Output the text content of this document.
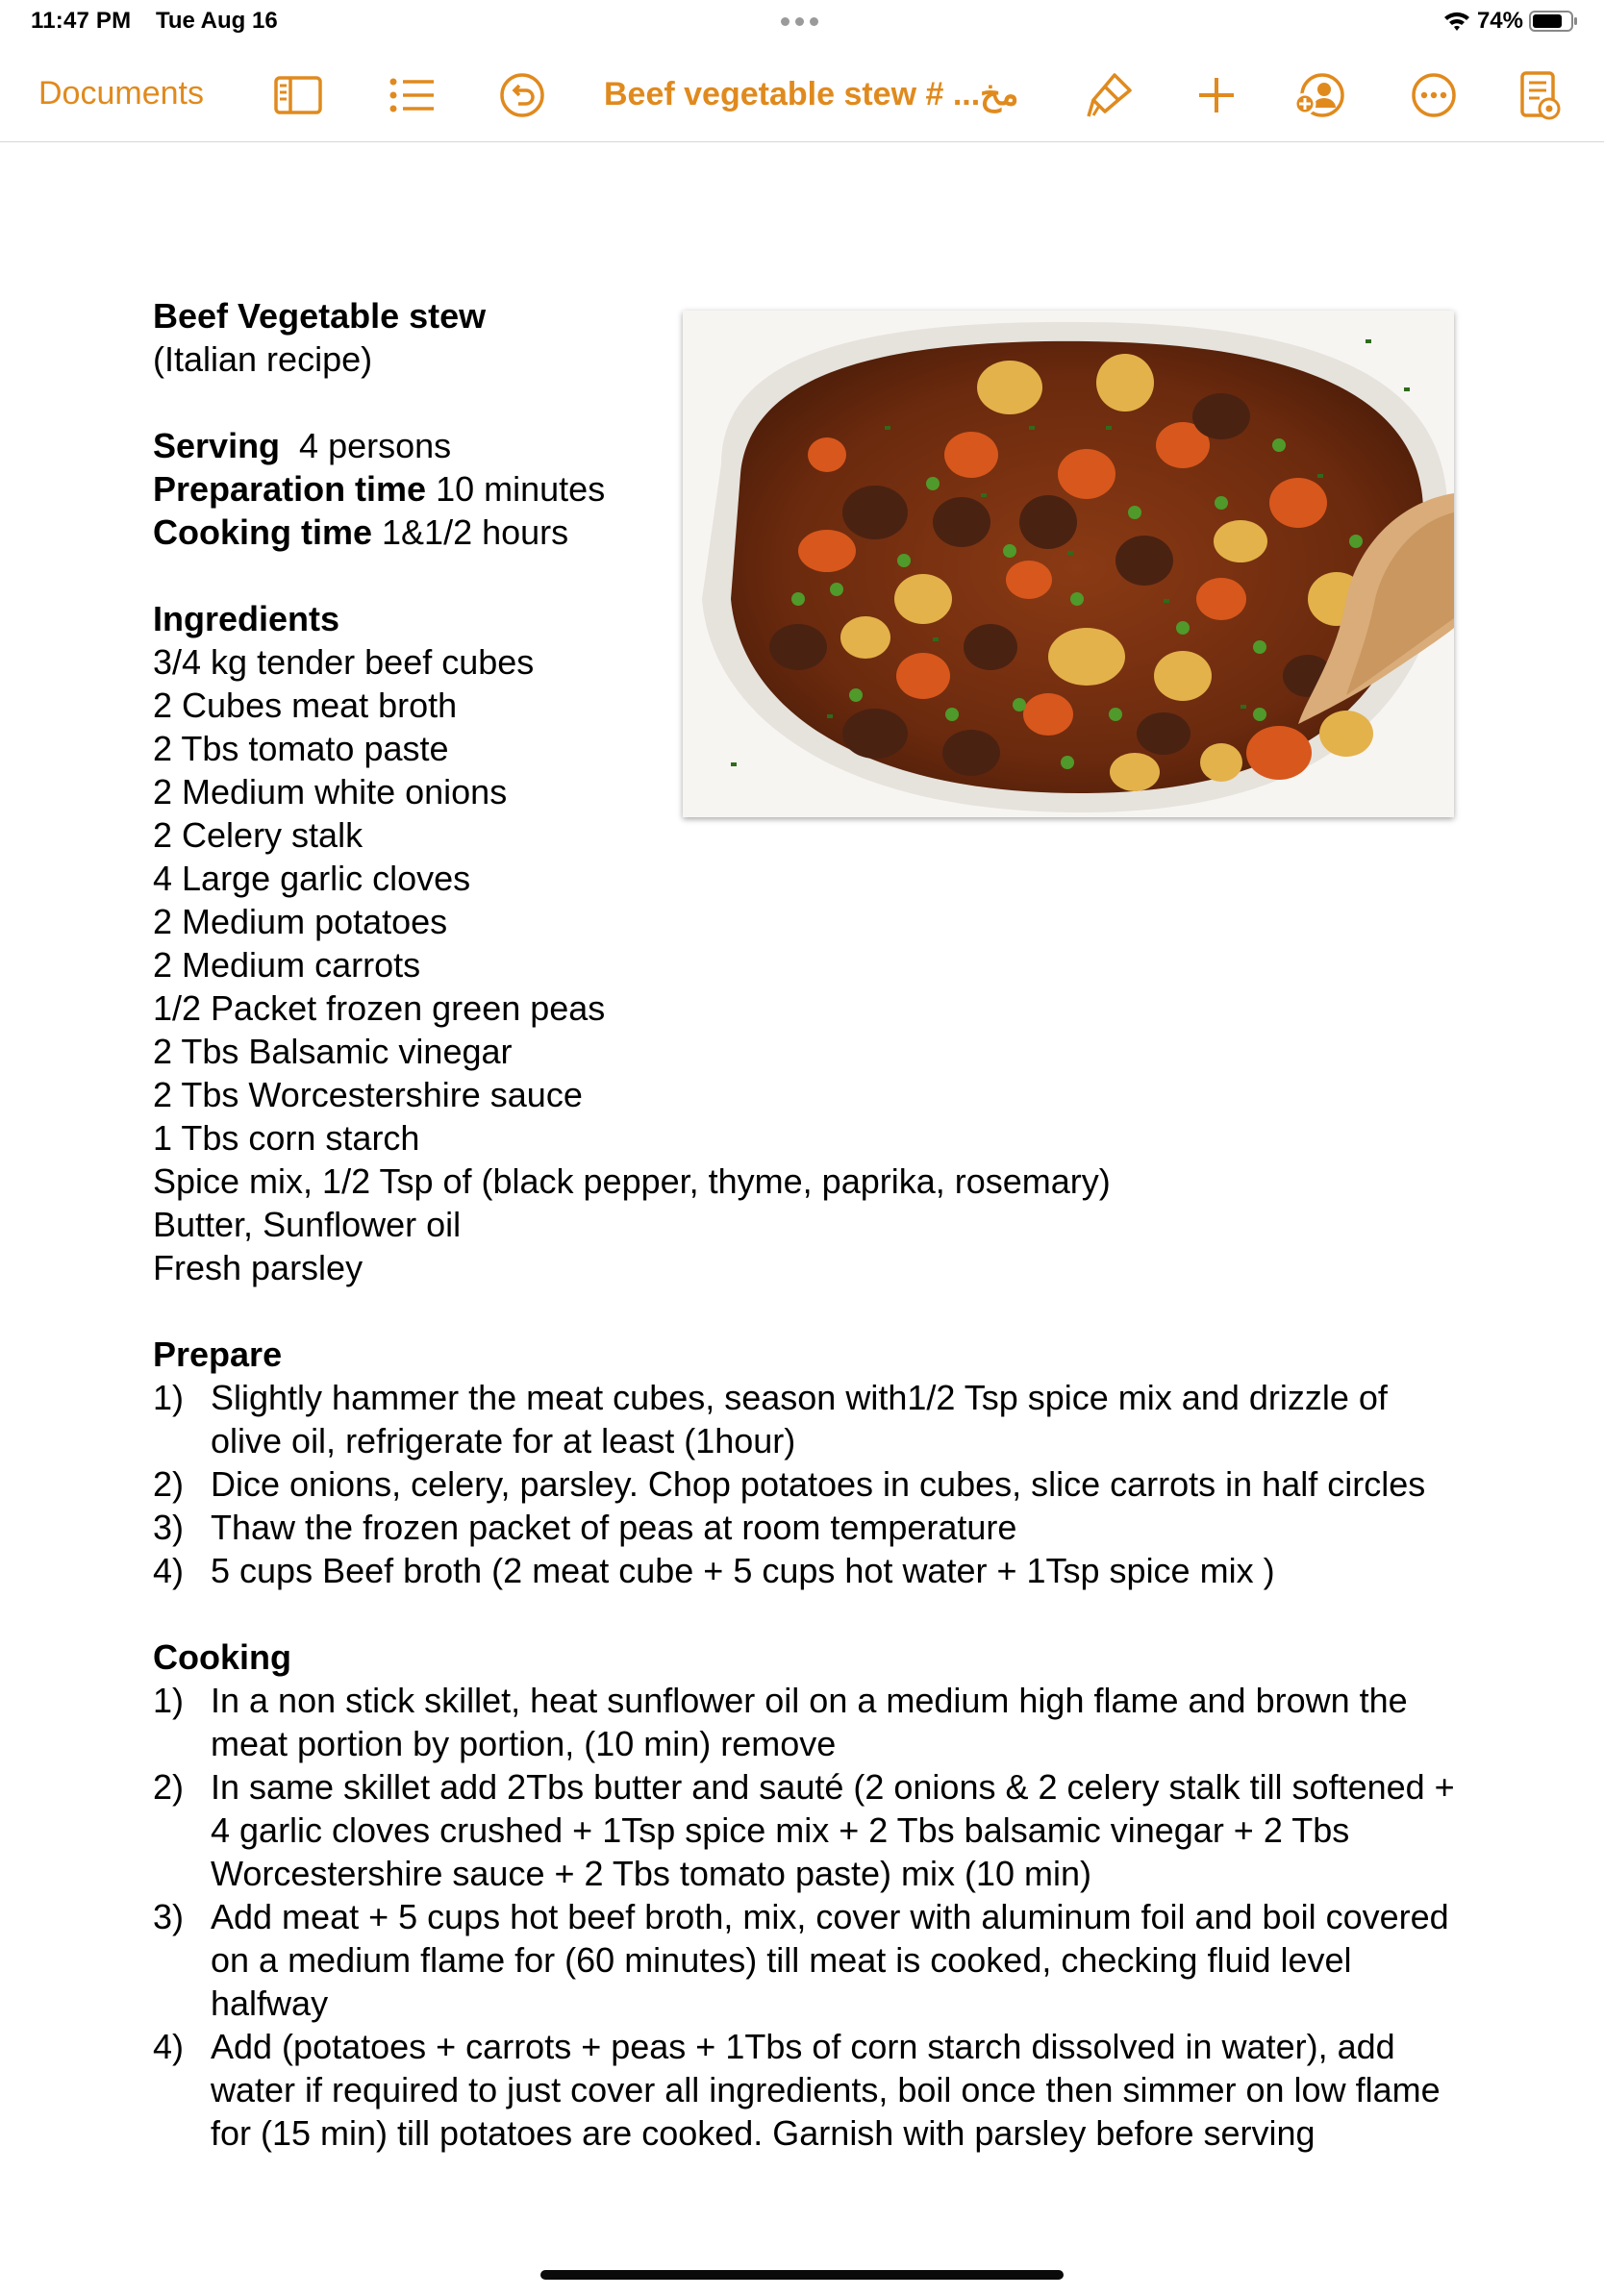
11:47 PM Tue Aug 16	74%
Documents	Beef vegetable stew # ...مخ

Beef Vegetable stew

(Italian recipe)

Serving  4 persons

Preparation time 10 minutes

Cooking time 1&1/2 hours

Ingredients

3/4 kg tender beef cubes

2 Cubes meat broth

2 Tbs tomato paste

2 Medium white onions

2 Celery stalk

4 Large garlic cloves

2 Medium potatoes

2 Medium carrots

1/2 Packet frozen green peas

2 Tbs Balsamic vinegar

2 Tbs Worcestershire sauce

1 Tbs corn starch

Spice mix, 1/2 Tsp of (black pepper, thyme, paprika, rosemary)

Butter, Sunflower oil

Fresh parsley

Prepare

1) Slightly hammer the meat cubes, season with1/2 Tsp spice mix and drizzle of olive oil, refrigerate for at least (1hour)
2) Dice onions, celery, parsley. Chop potatoes in cubes, slice carrots in half circles
3) Thaw the frozen packet of peas at room temperature
4) 5 cups Beef broth (2 meat cube + 5 cups hot water + 1Tsp spice mix )

Cooking

1) In a non stick skillet, heat sunflower oil on a medium high flame and brown the meat portion by portion, (10 min) remove
2) In same skillet add 2Tbs butter and sauté (2 onions & 2 celery stalk till softened + 4 garlic cloves crushed + 1Tsp spice mix + 2 Tbs balsamic vinegar + 2 Tbs Worcestershire sauce + 2 Tbs tomato paste) mix (10 min)
3) Add meat + 5 cups hot beef broth, mix, cover with aluminum foil and boil covered on a medium flame for (60 minutes) till meat is cooked, checking fluid level halfway
4) Add (potatoes + carrots + peas + 1Tbs of corn starch dissolved in water), add water if required to just cover all ingredients, boil once then simmer on low flame for (15 min) till potatoes are cooked. Garnish with parsley before serving
